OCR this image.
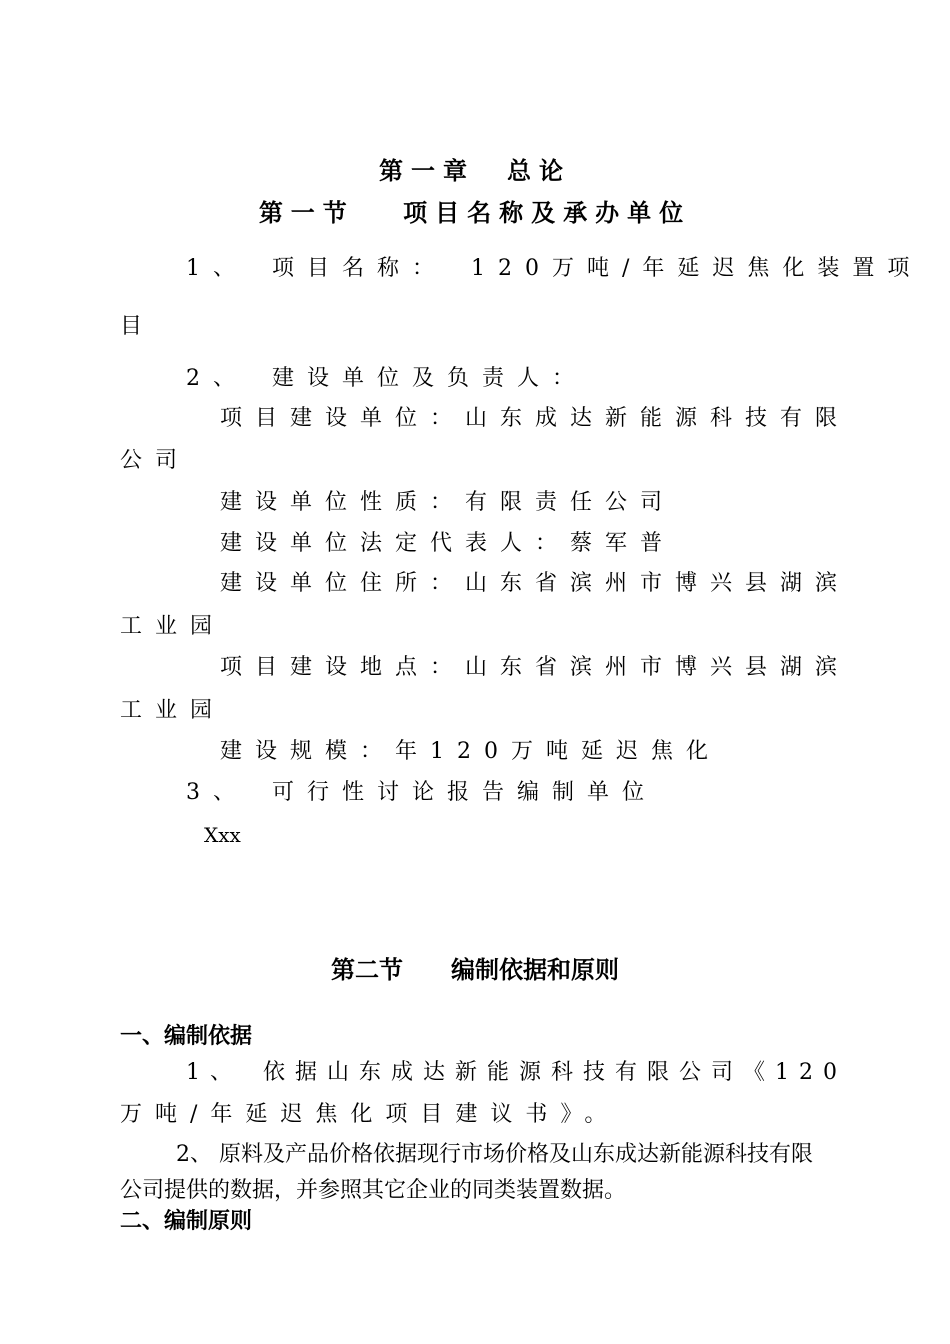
第一章　总论
第一节　 项目名称及承办单位
1、　项目名称：　120万吨/年延迟焦化装置项
目
2、　建设单位及负责人：
项目建设单位：山东成达新能源科技有限
公司
建设单位性质：有限责任公司
建设单位法定代表人：蔡军普
建设单位住所：山东省滨州市博兴县湖滨
工业园
项目建设地点：山东省滨州市博兴县湖滨
工业园
建设规模：年120万吨延迟焦化
3、　可行性讨论报告编制单位
Xxx
第二节　　编制依据和原则
一、编制依据
1、　依据山东成达新能源科技有限公司《120
万吨/年延迟焦化项目建议书》。
2、 原料及产品价格依据现行市场价格及山东成达新能源科技有限公司提供的数据，并参照其它企业的同类装置数据。
二、编制原则
